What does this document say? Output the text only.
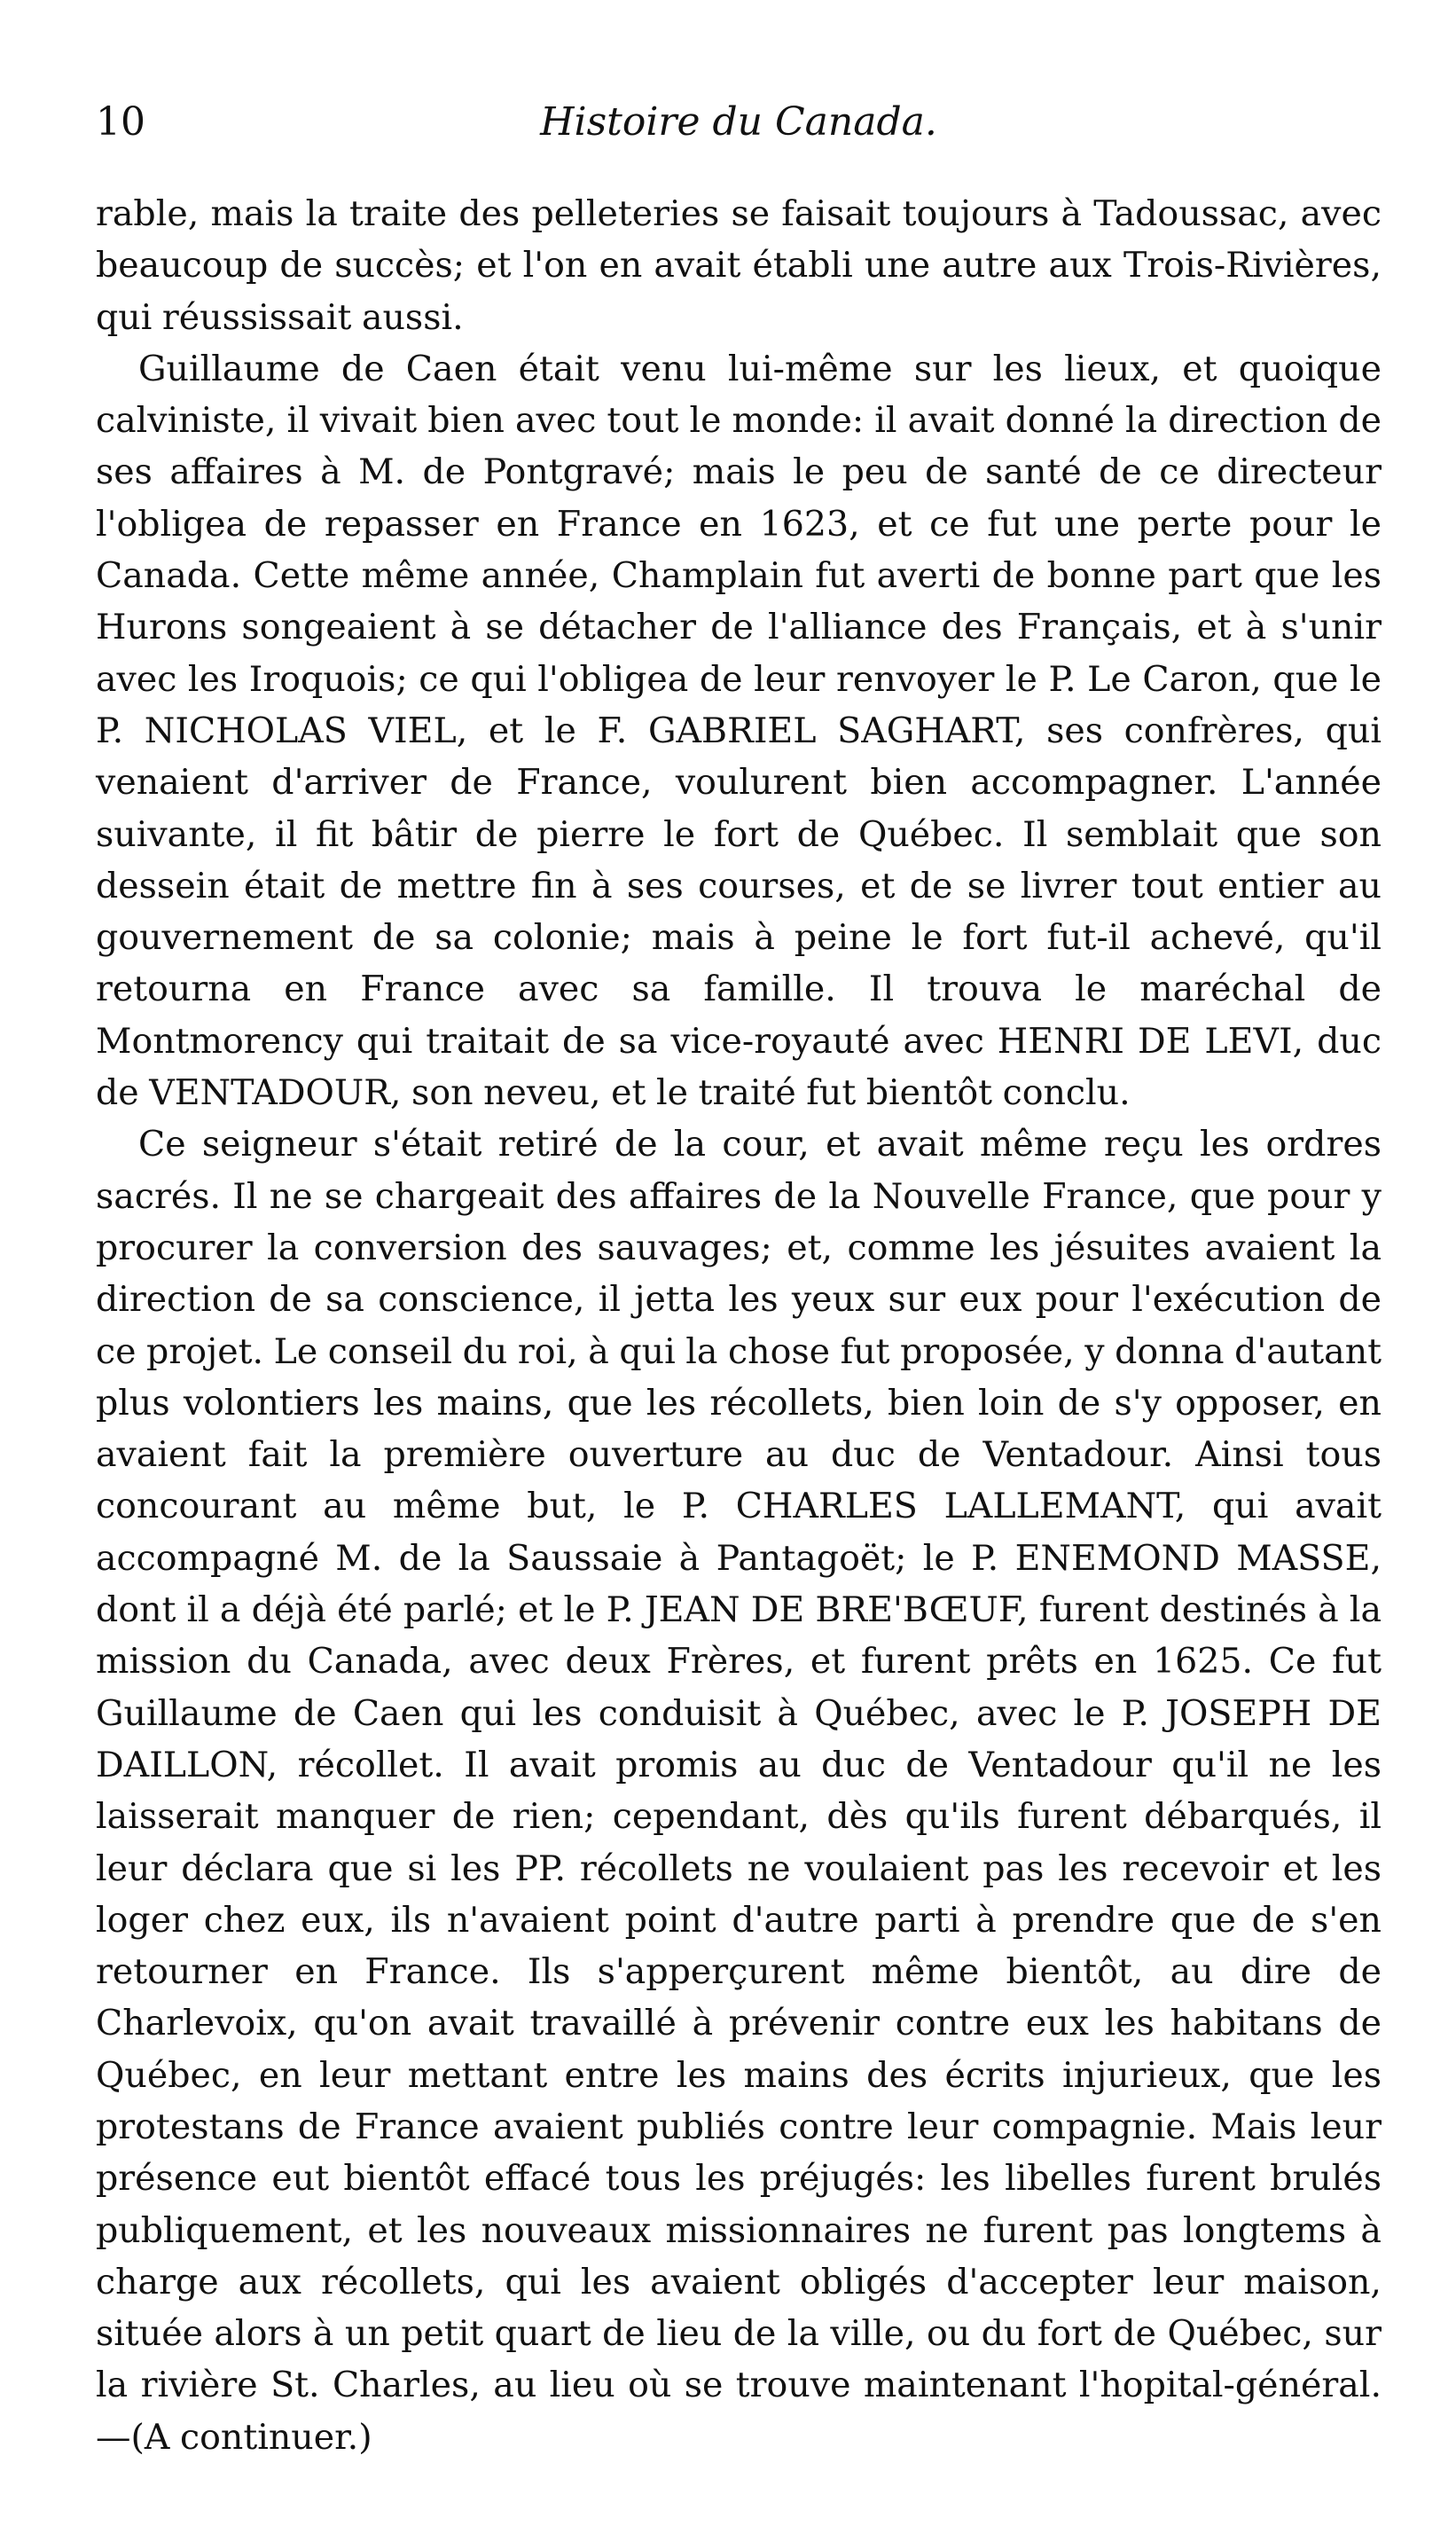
10	Histoire du Canada.

rable, mais la traite des pelleteries se faisait toujours à Tadoussac, avec beaucoup de succès; et l'on en avait établi une autre aux Trois-Rivières, qui réussissait aussi.

Guillaume de Caen était venu lui-même sur les lieux, et quoique calviniste, il vivait bien avec tout le monde: il avait donné la direction de ses affaires à M. de Pontgravé; mais le peu de santé de ce directeur l'obligea de repasser en France en 1623, et ce fut une perte pour le Canada. Cette même année, Champlain fut averti de bonne part que les Hurons songeaient à se détacher de l'alliance des Français, et à s'unir avec les Iroquois; ce qui l'obligea de leur renvoyer le P. Le Caron, que le P. NICHOLAS VIEL, et le F. GABRIEL SAGHART, ses confrères, qui venaient d'arriver de France, voulurent bien accompagner. L'année suivante, il fit bâtir de pierre le fort de Québec. Il semblait que son dessein était de mettre fin à ses courses, et de se livrer tout entier au gouvernement de sa colonie; mais à peine le fort fut-il achevé, qu'il retourna en France avec sa famille. Il trouva le maréchal de Montmorency qui traitait de sa vice-royauté avec HENRI DE LEVI, duc de VENTADOUR, son neveu, et le traité fut bientôt conclu.

Ce seigneur s'était retiré de la cour, et avait même reçu les ordres sacrés. Il ne se chargeait des affaires de la Nouvelle France, que pour y procurer la conversion des sauvages; et, comme les jésuites avaient la direction de sa conscience, il jetta les yeux sur eux pour l'exécution de ce projet. Le conseil du roi, à qui la chose fut proposée, y donna d'autant plus volontiers les mains, que les récollets, bien loin de s'y opposer, en avaient fait la première ouverture au duc de Ventadour. Ainsi tous concourant au même but, le P. CHARLES LALLEMANT, qui avait accompagné M. de la Saussaie à Pantagoët; le P. ENEMOND MASSE, dont il a déjà été parlé; et le P. JEAN DE BRE'BŒUF, furent destinés à la mission du Canada, avec deux Frères, et furent prêts en 1625. Ce fut Guillaume de Caen qui les conduisit à Québec, avec le P. JOSEPH DE DAILLON, récollet. Il avait promis au duc de Ventadour qu'il ne les laisserait manquer de rien; cependant, dès qu'ils furent débarqués, il leur déclara que si les PP. récollets ne voulaient pas les recevoir et les loger chez eux, ils n'avaient point d'autre parti à prendre que de s'en retourner en France. Ils s'apperçurent même bientôt, au dire de Charlevoix, qu'on avait travaillé à prévenir contre eux les habitans de Québec, en leur mettant entre les mains des écrits injurieux, que les protestans de France avaient publiés contre leur compagnie. Mais leur présence eut bientôt effacé tous les préjugés: les libelles furent brulés publiquement, et les nouveaux missionnaires ne furent pas longtems à charge aux récollets, qui les avaient obligés d'accepter leur maison, située alors à un petit quart de lieu de la ville, ou du fort de Québec, sur la rivière St. Charles, au lieu où se trouve maintenant l'hopital-général.—(A continuer.)
